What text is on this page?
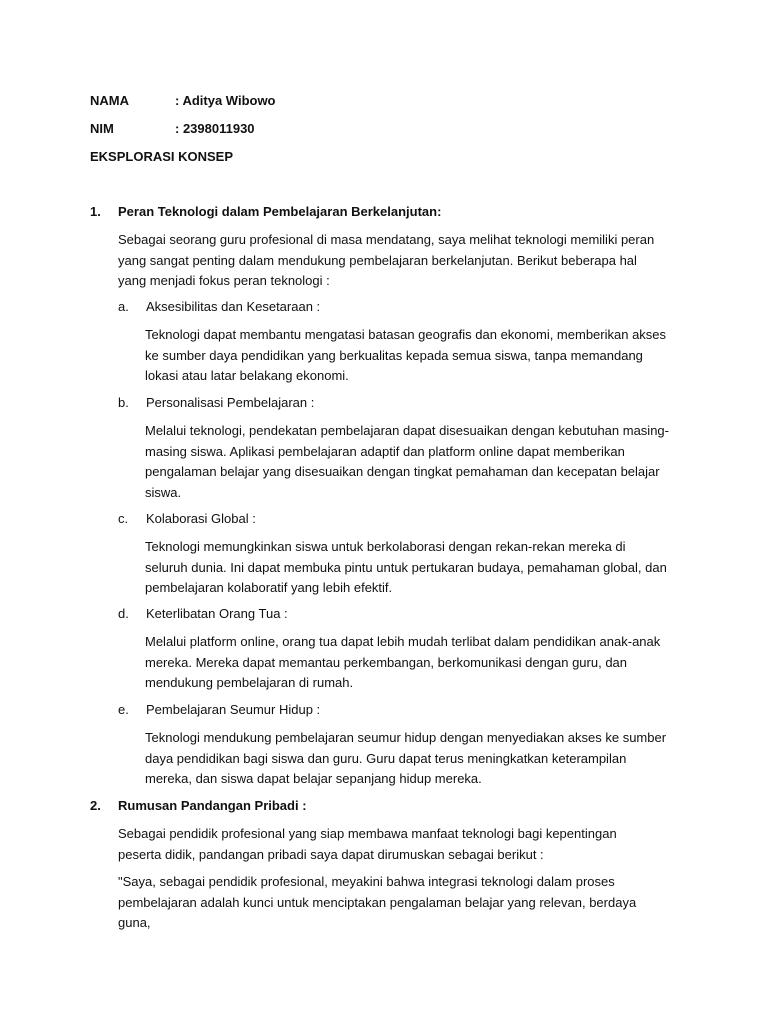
NAMA	: Aditya Wibowo
NIM	: 2398011930
EKSPLORASI KONSEP
1. Peran Teknologi dalam Pembelajaran Berkelanjutan:
Sebagai seorang guru profesional di masa mendatang, saya melihat teknologi memiliki peran yang sangat penting dalam mendukung pembelajaran berkelanjutan. Berikut beberapa hal yang menjadi fokus peran teknologi :
a. Aksesibilitas dan Kesetaraan :
Teknologi dapat membantu mengatasi batasan geografis dan ekonomi, memberikan akses ke sumber daya pendidikan yang berkualitas kepada semua siswa, tanpa memandang lokasi atau latar belakang ekonomi.
b. Personalisasi Pembelajaran :
Melalui teknologi, pendekatan pembelajaran dapat disesuaikan dengan kebutuhan masing-masing siswa. Aplikasi pembelajaran adaptif dan platform online dapat memberikan pengalaman belajar yang disesuaikan dengan tingkat pemahaman dan kecepatan belajar siswa.
c. Kolaborasi Global :
Teknologi memungkinkan siswa untuk berkolaborasi dengan rekan-rekan mereka di seluruh dunia. Ini dapat membuka pintu untuk pertukaran budaya, pemahaman global, dan pembelajaran kolaboratif yang lebih efektif.
d. Keterlibatan Orang Tua :
Melalui platform online, orang tua dapat lebih mudah terlibat dalam pendidikan anak-anak mereka. Mereka dapat memantau perkembangan, berkomunikasi dengan guru, dan mendukung pembelajaran di rumah.
e. Pembelajaran Seumur Hidup :
Teknologi mendukung pembelajaran seumur hidup dengan menyediakan akses ke sumber daya pendidikan bagi siswa dan guru. Guru dapat terus meningkatkan keterampilan mereka, dan siswa dapat belajar sepanjang hidup mereka.
2. Rumusan Pandangan Pribadi :
Sebagai pendidik profesional yang siap membawa manfaat teknologi bagi kepentingan peserta didik, pandangan pribadi saya dapat dirumuskan sebagai berikut :
"Saya, sebagai pendidik profesional, meyakini bahwa integrasi teknologi dalam proses pembelajaran adalah kunci untuk menciptakan pengalaman belajar yang relevan, berdaya guna,
